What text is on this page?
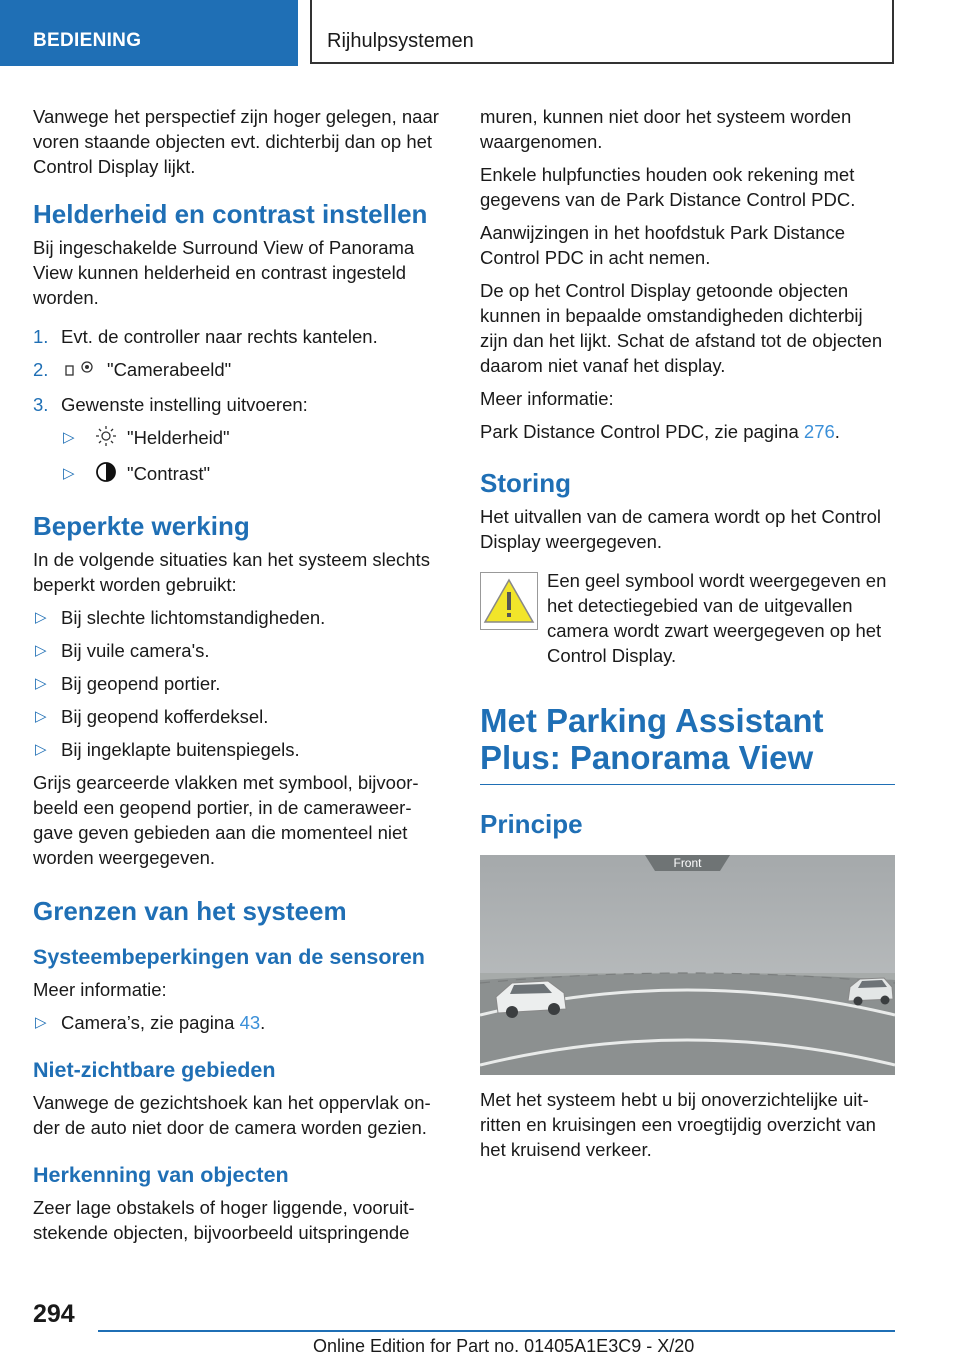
BEDIENING	Rijhulpsystemen

Vanwege het perspectief zijn hoger gelegen, naar voren staande objecten evt. dichterbij dan op het Control Display lijkt.

Helderheid en contrast instellen

Bij ingeschakelde Surround View of Panorama View kunnen helderheid en contrast ingesteld worden.

1. Evt. de controller naar rechts kantelen.
2.	"Camerabeeld"
3. Gewenste instelling uitvoeren:
▷	"Helderheid"
▷	"Contrast"
Beperkte werking

In de volgende situaties kan het systeem slechts beperkt worden gebruikt:

▷ Bij slechte lichtomstandigheden.
▷ Bij vuile camera's.
▷ Bij geopend portier.
▷ Bij geopend kofferdeksel.
▷ Bij ingeklapte buitenspiegels.

Grijs gearceerde vlakken met symbool, bijvoor-beeld een geopend portier, in de cameraweer-gave geven gebieden aan die momenteel niet worden weergegeven.

Grenzen van het systeem
Systeembeperkingen van de sensoren

Meer informatie:

▷ Camera’s, zie pagina 43.
Niet-zichtbare gebieden

Vanwege de gezichtshoek kan het oppervlak on-der de auto niet door de camera worden gezien.

Herkenning van objecten

Zeer lage obstakels of hoger liggende, vooruit-stekende objecten, bijvoorbeeld uitspringende

muren, kunnen niet door het systeem worden waargenomen.

Enkele hulpfuncties houden ook rekening met gegevens van de Park Distance Control PDC.

Aanwijzingen in het hoofdstuk Park Distance Control PDC in acht nemen.

De op het Control Display getoonde objecten kunnen in bepaalde omstandigheden dichterbij zijn dan het lijkt. Schat de afstand tot de objecten daarom niet vanaf het display.

Meer informatie:

Park Distance Control PDC, zie pagina 276.

Storing

Het uitvallen van de camera wordt op het Control Display weergegeven.

Een geel symbool wordt weergegeven en het detectiegebied van de uitgevallen camera wordt zwart weergegeven op het Control Display.

Met Parking Assistant Plus: Panorama View
Principe
Front

Met het systeem hebt u bij onoverzichtelijke uit-ritten en kruisingen een vroegtijdig overzicht van het kruisend verkeer.

294
Online Edition for Part no. 01405A1E3C9 - X/20
